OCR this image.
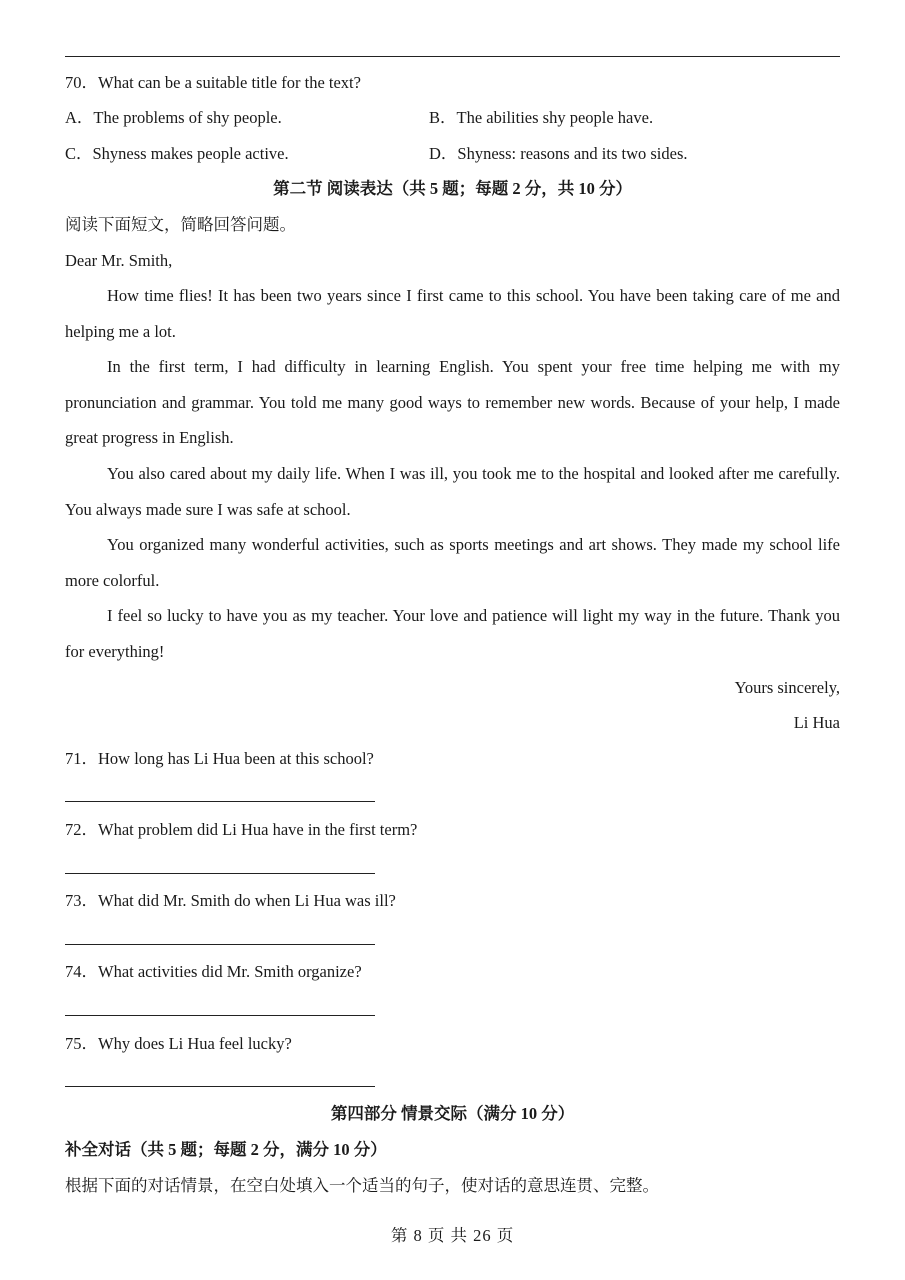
70．What can be a suitable title for the text?
A．The problems of shy people.	B．The abilities shy people have.
C．Shyness makes people active.	D．Shyness: reasons and its two sides.
第二节 阅读表达（共 5 题；每题 2 分，共 10 分）
阅读下面短文，简略回答问题。
Dear Mr. Smith,
How time flies! It has been two years since I first came to this school. You have been taking care of me and helping me a lot.
In the first term, I had difficulty in learning English. You spent your free time helping me with my pronunciation and grammar. You told me many good ways to remember new words. Because of your help, I made great progress in English.
You also cared about my daily life. When I was ill, you took me to the hospital and looked after me carefully. You always made sure I was safe at school.
You organized many wonderful activities, such as sports meetings and art shows. They made my school life more colorful.
I feel so lucky to have you as my teacher. Your love and patience will light my way in the future. Thank you for everything!
Yours sincerely,
Li Hua
71．How long has Li Hua been at this school?
72．What problem did Li Hua have in the first term?
73．What did Mr. Smith do when Li Hua was ill?
74．What activities did Mr. Smith organize?
75．Why does Li Hua feel lucky?
第四部分 情景交际（满分 10 分）
补全对话（共 5 题；每题 2 分，满分 10 分）
根据下面的对话情景，在空白处填入一个适当的句子，使对话的意思连贯、完整。
第 8 页 共 26 页
